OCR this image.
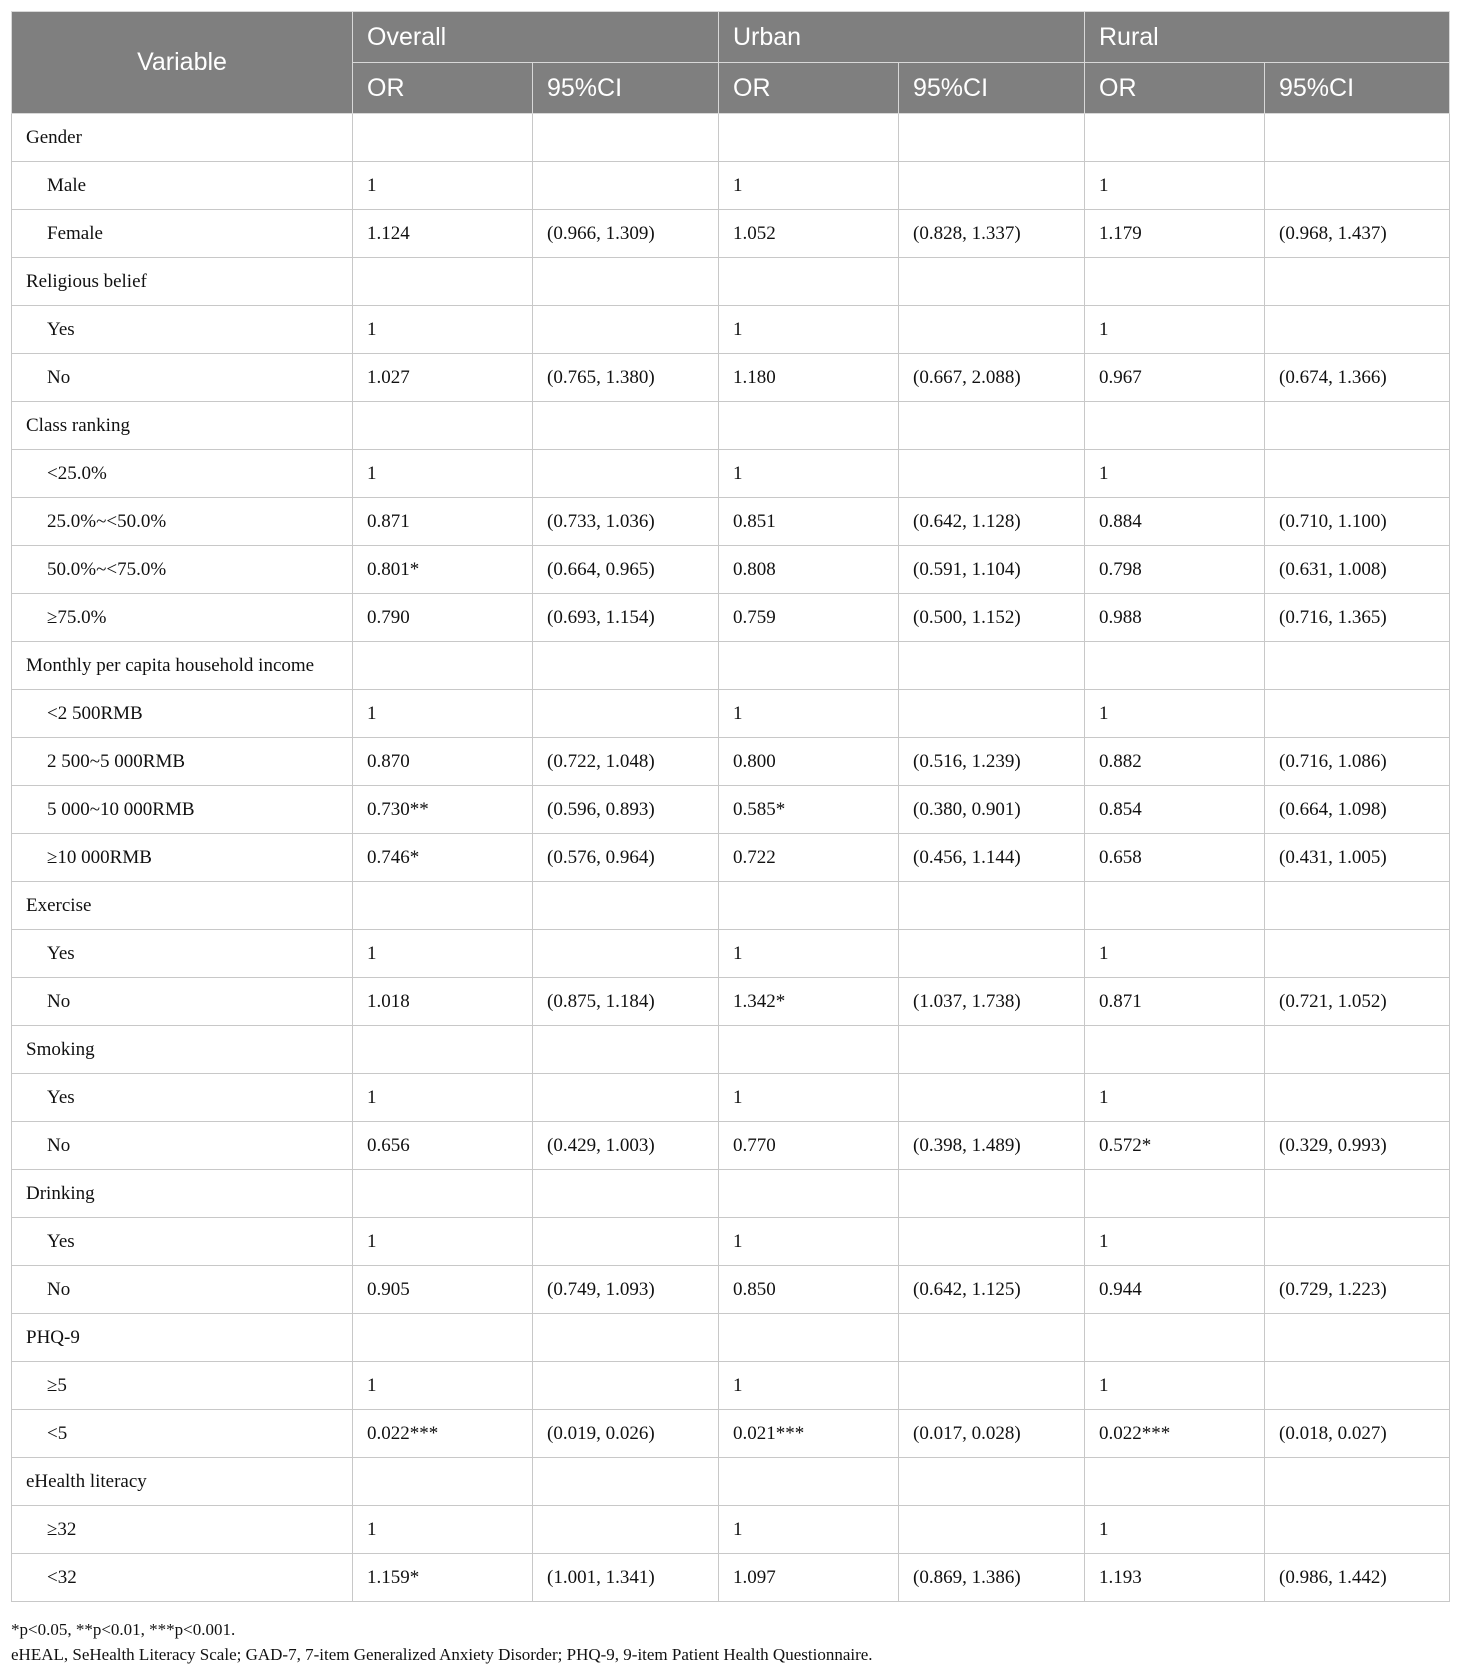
Variable	Overall		Urban		Rural	
	OR	95%CI	OR	95%CI	OR	95%CI
Gender						
Male	1		1		1	
Female	1.124	(0.966, 1.309)	1.052	(0.828, 1.337)	1.179	(0.968, 1.437)
Religious belief						
Yes	1		1		1	
No	1.027	(0.765, 1.380)	1.180	(0.667, 2.088)	0.967	(0.674, 1.366)
Class ranking						
<25.0%	1		1		1	
25.0%~<50.0%	0.871	(0.733, 1.036)	0.851	(0.642, 1.128)	0.884	(0.710, 1.100)
50.0%~<75.0%	0.801*	(0.664, 0.965)	0.808	(0.591, 1.104)	0.798	(0.631, 1.008)
≥75.0%	0.790	(0.693, 1.154)	0.759	(0.500, 1.152)	0.988	(0.716, 1.365)
Monthly per capita household income						
<2 500RMB	1		1		1	
2 500~5 000RMB	0.870	(0.722, 1.048)	0.800	(0.516, 1.239)	0.882	(0.716, 1.086)
5 000~10 000RMB	0.730**	(0.596, 0.893)	0.585*	(0.380, 0.901)	0.854	(0.664, 1.098)
≥10 000RMB	0.746*	(0.576, 0.964)	0.722	(0.456, 1.144)	0.658	(0.431, 1.005)
Exercise						
Yes	1		1		1	
No	1.018	(0.875, 1.184)	1.342*	(1.037, 1.738)	0.871	(0.721, 1.052)
Smoking						
Yes	1		1		1	
No	0.656	(0.429, 1.003)	0.770	(0.398, 1.489)	0.572*	(0.329, 0.993)
Drinking						
Yes	1		1		1	
No	0.905	(0.749, 1.093)	0.850	(0.642, 1.125)	0.944	(0.729, 1.223)
PHQ-9						
≥5	1		1		1	
<5	0.022***	(0.019, 0.026)	0.021***	(0.017, 0.028)	0.022***	(0.018, 0.027)
eHealth literacy						
≥32	1		1		1	
<32	1.159*	(1.001, 1.341)	1.097	(0.869, 1.386)	1.193	(0.986, 1.442)
*p<0.05, **p<0.01, ***p<0.001.
eHEAL, SeHealth Literacy Scale; GAD-7, 7-item Generalized Anxiety Disorder; PHQ-9, 9-item Patient Health Questionnaire.
